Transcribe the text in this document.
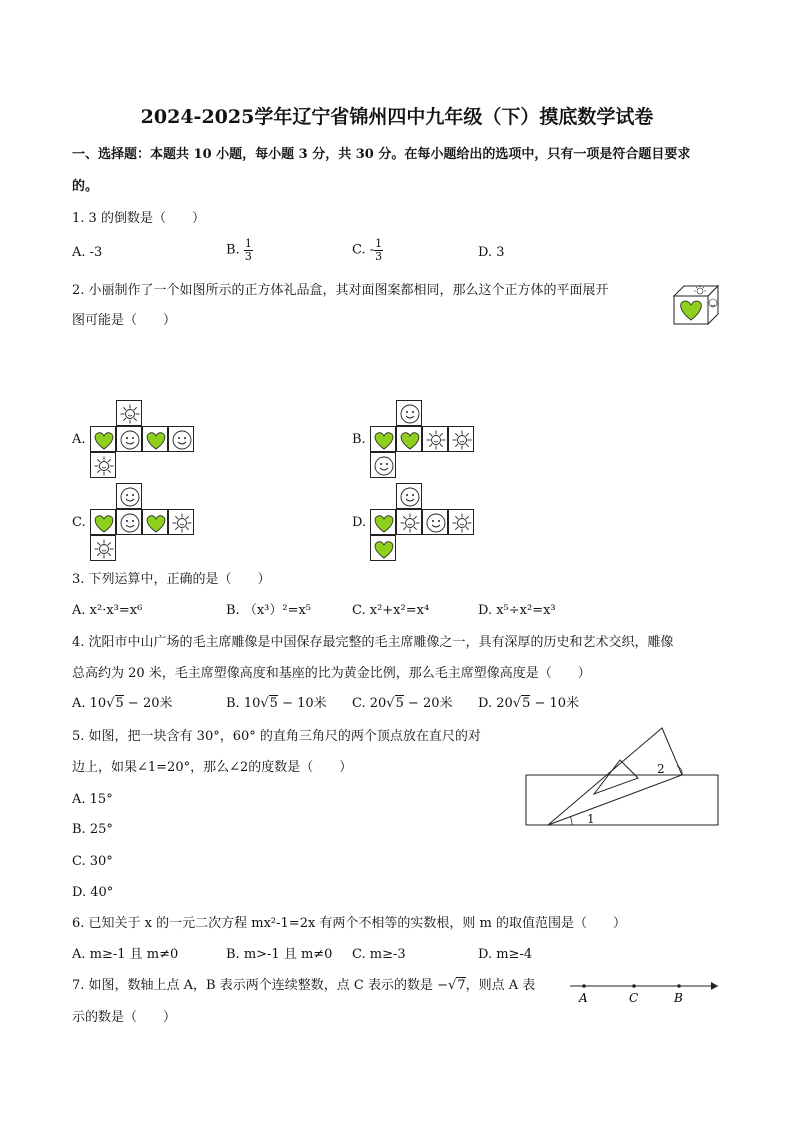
2024-2025学年辽宁省锦州四中九年级（下）摸底数学试卷
一、选择题：本题共 10 小题，每小题 3 分，共 30 分。在每小题给出的选项中，只有一项是符合题目要求
的。
1. 3 的倒数是（　　）
A. -3	B. $\frac{1}{3}$	C. - $\frac{1}{3}$	D. 3
2. 小丽制作了一个如图所示的正方体礼品盒，其对面图案都相同，那么这个正方体的平面展开
图可能是（　　）
A.	B.
C.	D.
3. 下列运算中，正确的是（　　）
A. x²·x³=x⁶	B. （x³）²=x⁵	C. x²+x²=x⁴	D. x⁵÷x²=x³
4. 沈阳市中山广场的毛主席雕像是中国保存最完整的毛主席雕像之一，具有深厚的历史和艺术交织，雕像
总高约为 20 米，毛主席塑像高度和基座的比为黄金比例，那么毛主席塑像高度是（　　）
A. 10√5 − 20米	B. 10√5 − 10米 C. 20√5 − 20米 D. 20√5 − 10米
5. 如图，把一块含有 30°，60° 的直角三角尺的两个顶点放在直尺的对
边上，如果∠1=20°，那么∠2的度数是（　　）
A. 15°
B. 25°
C. 30°
D. 40°
1
2
6. 已知关于 x 的一元二次方程 mx²-1=2x 有两个不相等的实数根，则 m 的取值范围是（　　）
A. m≥-1 且 m≠0	B. m>-1 且 m≠0 C. m≥-3	D. m≥-4
7. 如图，数轴上点 A，B 表示两个连续整数，点 C 表示的数是 −√7，则点 A 表
示的数是（　　）
A	C	B
